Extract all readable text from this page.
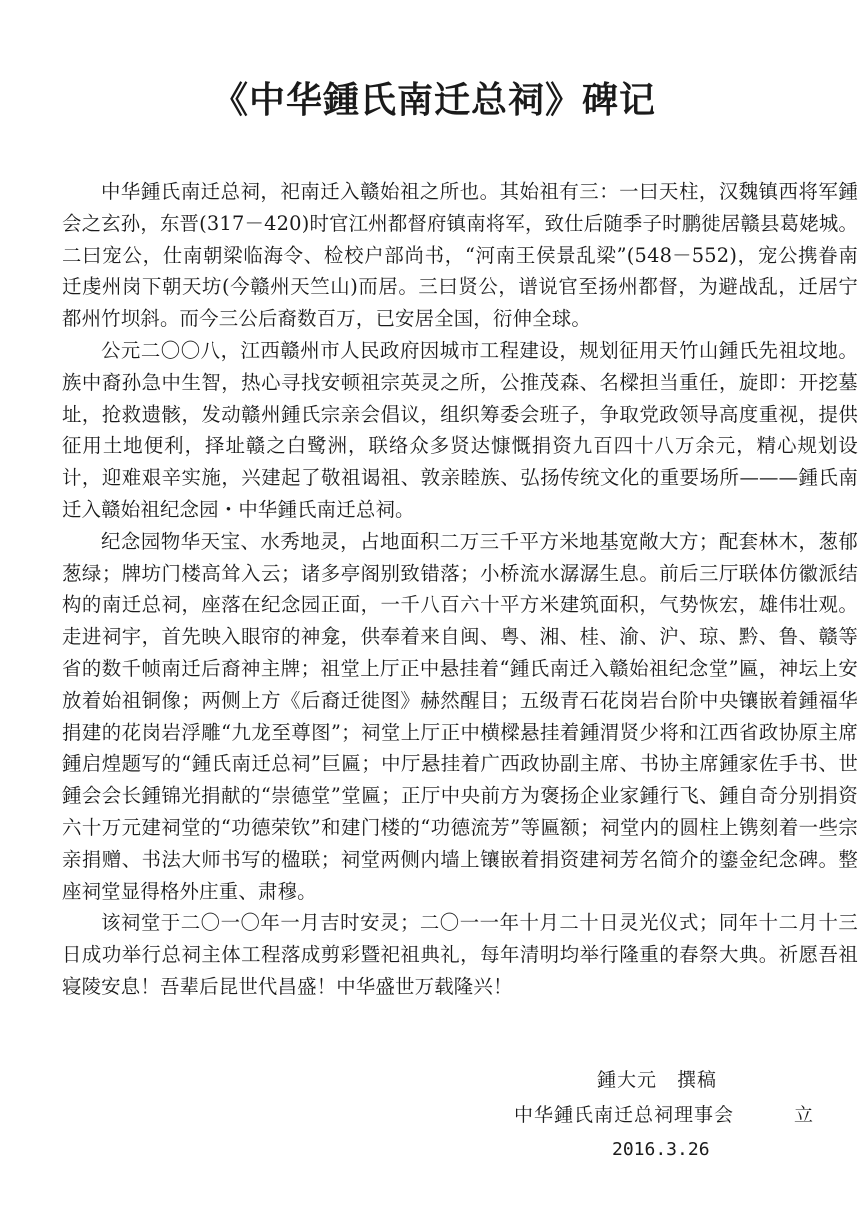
《中华鍾氏南迁总祠》碑记

中华鍾氏南迁总祠，祀南迁入赣始祖之所也。其始祖有三：一曰天柱，汉魏镇西将军鍾会之玄孙，东晋(317－420)时官江州都督府镇南将军，致仕后随季子时鹏徙居赣县葛姥城。二曰宠公，仕南朝梁临海令、检校户部尚书，“河南王侯景乱梁”(548－552)，宠公携眷南迁虔州岗下朝天坊(今赣州天竺山)而居。三曰贤公，谱说官至扬州都督，为避战乱，迁居宁都州竹坝斜。而今三公后裔数百万，已安居全国，衍伸全球。

公元二〇〇八，江西赣州市人民政府因城市工程建设，规划征用天竹山鍾氏先祖坟地。族中裔孙急中生智，热心寻找安顿祖宗英灵之所，公推茂森、名樑担当重任，旋即：开挖墓址，抢救遗骸，发动赣州鍾氏宗亲会倡议，组织筹委会班子，争取党政领导高度重视，提供征用土地便利，择址赣之白鹭洲，联络众多贤达慷慨捐资九百四十八万余元，精心规划设计，迎难艰辛实施，兴建起了敬祖谒祖、敦亲睦族、弘扬传统文化的重要场所———鍾氏南迁入赣始祖纪念园・中华鍾氏南迁总祠。

纪念园物华天宝、水秀地灵，占地面积二万三千平方米地基宽敞大方；配套林木，葱郁葱绿；牌坊门楼高耸入云；诸多亭阁别致错落；小桥流水潺潺生息。前后三厅联体仿徽派结构的南迁总祠，座落在纪念园正面，一千八百六十平方米建筑面积，气势恢宏，雄伟壮观。走进祠宇，首先映入眼帘的神龛，供奉着来自闽、粤、湘、桂、渝、沪、琼、黔、鲁、赣等省的数千帧南迁后裔神主牌；祖堂上厅正中悬挂着“鍾氏南迁入赣始祖纪念堂”匾，神坛上安放着始祖铜像；两侧上方《后裔迁徙图》赫然醒目；五级青石花岗岩台阶中央镶嵌着鍾福华捐建的花岗岩浮雕“九龙至尊图”；祠堂上厅正中横樑悬挂着鍾渭贤少将和江西省政协原主席鍾启煌题写的“鍾氏南迁总祠”巨匾；中厅悬挂着广西政协副主席、书协主席鍾家佐手书、世鍾会会长鍾锦光捐献的“崇德堂”堂匾；正厅中央前方为褒扬企业家鍾行飞、鍾自奇分别捐资六十万元建祠堂的“功德荣钦”和建门楼的“功德流芳”等匾额；祠堂内的圆柱上镌刻着一些宗亲捐赠、书法大师书写的楹联；祠堂两侧内墙上镶嵌着捐资建祠芳名简介的鎏金纪念碑。整座祠堂显得格外庄重、肃穆。

该祠堂于二〇一〇年一月吉时安灵；二〇一一年十月二十日灵光仪式；同年十二月十三日成功举行总祠主体工程落成剪彩暨祀祖典礼，每年清明均举行隆重的春祭大典。祈愿吾祖寝陵安息！吾辈后昆世代昌盛！中华盛世万载隆兴！

鍾大元　撰稿
中华鍾氏南迁总祠理事会　　　立
2016.3.26
